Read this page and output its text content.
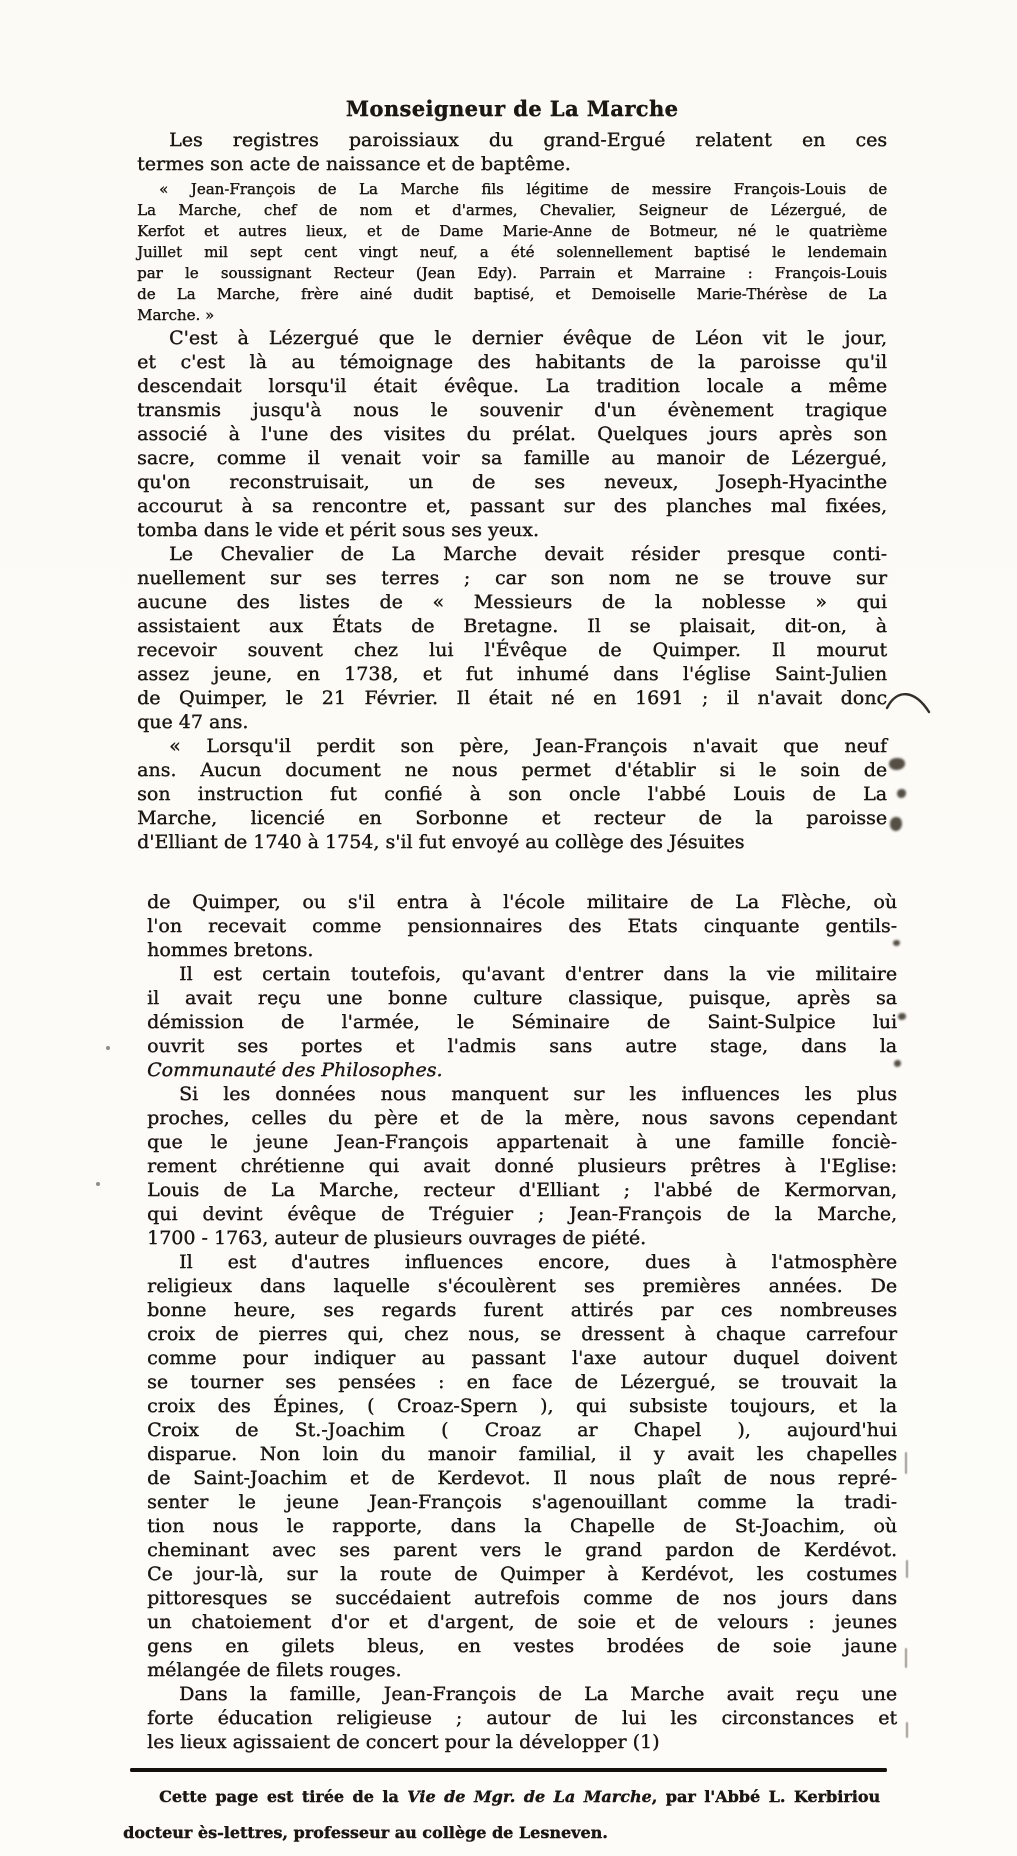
Monseigneur de La Marche
Les registres paroissiaux du grand-Ergué relatent en ces
termes son acte de naissance et de baptême.
« Jean-François de La Marche fils légitime de messire François-Louis de
La Marche, chef de nom et d'armes, Chevalier, Seigneur de Lézergué, de
Kerfot et autres lieux, et de Dame Marie-Anne de Botmeur, né le quatrième
Juillet mil sept cent vingt neuf, a été solennellement baptisé le lendemain
par le soussignant Recteur (Jean Edy). Parrain et Marraine : François-Louis
de La Marche, frère ainé dudit baptisé, et Demoiselle Marie-Thérèse de La
Marche. »
C'est à Lézergué que le dernier évêque de Léon vit le jour,
et c'est là au témoignage des habitants de la paroisse qu'il
descendait lorsqu'il était évêque. La tradition locale a même
transmis jusqu'à nous le souvenir d'un évènement tragique
associé à l'une des visites du prélat. Quelques jours après son
sacre, comme il venait voir sa famille au manoir de Lézergué,
qu'on reconstruisait, un de ses neveux, Joseph-Hyacinthe
accourut à sa rencontre et, passant sur des planches mal fixées,
tomba dans le vide et périt sous ses yeux.
Le Chevalier de La Marche devait résider presque conti-
nuellement sur ses terres ; car son nom ne se trouve sur
aucune des listes de « Messieurs de la noblesse » qui
assistaient aux États de Bretagne. Il se plaisait, dit-on, à
recevoir souvent chez lui l'Évêque de Quimper. Il mourut
assez jeune, en 1738, et fut inhumé dans l'église Saint-Julien
de Quimper, le 21 Février. Il était né en 1691 ; il n'avait donc
que 47 ans.
« Lorsqu'il perdit son père, Jean-François n'avait que neuf
ans. Aucun document ne nous permet d'établir si le soin de
son instruction fut confié à son oncle l'abbé Louis de La
Marche, licencié en Sorbonne et recteur de la paroisse
d'Elliant de 1740 à 1754, s'il fut envoyé au collège des Jésuites
de Quimper, ou s'il entra à l'école militaire de La Flèche, où
l'on recevait comme pensionnaires des Etats cinquante gentils-
hommes bretons.
Il est certain toutefois, qu'avant d'entrer dans la vie militaire
il avait reçu une bonne culture classique, puisque, après sa
démission de l'armée, le Séminaire de Saint-Sulpice lui
ouvrit ses portes et l'admis sans autre stage, dans la
Communauté des Philosophes.
Si les données nous manquent sur les influences les plus
proches, celles du père et de la mère, nous savons cependant
que le jeune Jean-François appartenait à une famille fonciè-
rement chrétienne qui avait donné plusieurs prêtres à l'Eglise:
Louis de La Marche, recteur d'Elliant ; l'abbé de Kermorvan,
qui devint évêque de Tréguier ; Jean-François de la Marche,
1700 - 1763, auteur de plusieurs ouvrages de piété.
Il est d'autres influences encore, dues à l'atmosphère
religieux dans laquelle s'écoulèrent ses premières années. De
bonne heure, ses regards furent attirés par ces nombreuses
croix de pierres qui, chez nous, se dressent à chaque carrefour
comme pour indiquer au passant l'axe autour duquel doivent
se tourner ses pensées : en face de Lézergué, se trouvait la
croix des Épines, ( Croaz-Spern ), qui subsiste toujours, et la
Croix de St.-Joachim ( Croaz ar Chapel ), aujourd'hui
disparue. Non loin du manoir familial, il y avait les chapelles
de Saint-Joachim et de Kerdevot. Il nous plaît de nous repré-
senter le jeune Jean-François s'agenouillant comme la tradi-
tion nous le rapporte, dans la Chapelle de St-Joachim, où
cheminant avec ses parent vers le grand pardon de Kerdévot.
Ce jour-là, sur la route de Quimper à Kerdévot, les costumes
pittoresques se succédaient autrefois comme de nos jours dans
un chatoiement d'or et d'argent, de soie et de velours : jeunes
gens en gilets bleus, en vestes brodées de soie jaune
mélangée de filets rouges.
Dans la famille, Jean-François de La Marche avait reçu une
forte éducation religieuse ; autour de lui les circonstances et
les lieux agissaient de concert pour la développer (1)
Cette page est tirée de la Vie de Mgr. de La Marche, par l'Abbé L. Kerbiriou
docteur ès-lettres, professeur au collège de Lesneven.
